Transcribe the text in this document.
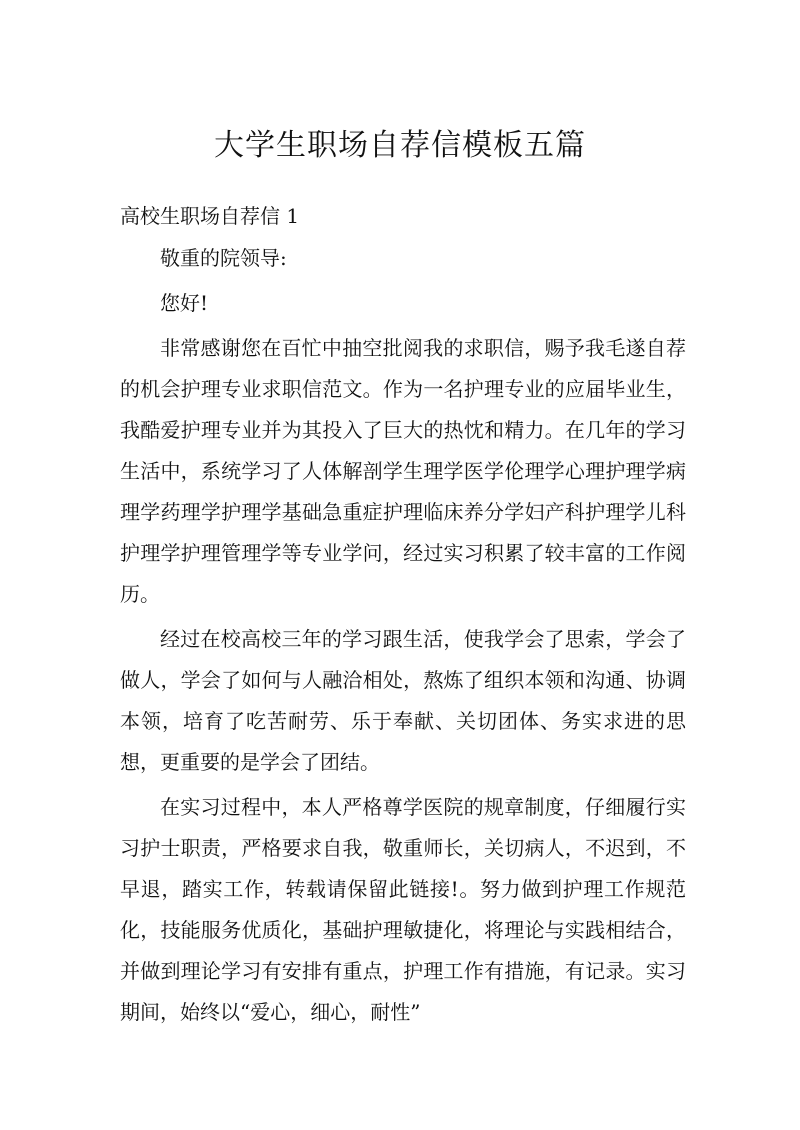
大学生职场自荐信模板五篇
高校生职场自荐信 1

敬重的院领导:

您好!

非常感谢您在百忙中抽空批阅我的求职信，赐予我毛遂自荐的机会护理专业求职信范文。作为一名护理专业的应届毕业生，我酷爱护理专业并为其投入了巨大的热忱和精力。在几年的学习生活中，系统学习了人体解剖学生理学医学伦理学心理护理学病理学药理学护理学基础急重症护理临床养分学妇产科护理学儿科护理学护理管理学等专业学问，经过实习积累了较丰富的工作阅历。

经过在校高校三年的学习跟生活，使我学会了思索，学会了做人，学会了如何与人融洽相处，熬炼了组织本领和沟通、协调本领，培育了吃苦耐劳、乐于奉献、关切团体、务实求进的思想，更重要的是学会了团结。

在实习过程中，本人严格尊学医院的规章制度，仔细履行实习护士职责，严格要求自我，敬重师长，关切病人，不迟到，不早退，踏实工作，转载请保留此链接!。努力做到护理工作规范化，技能服务优质化，基础护理敏捷化，将理论与实践相结合，并做到理论学习有安排有重点，护理工作有措施，有记录。实习期间，始终以“爱心，细心，耐性”
